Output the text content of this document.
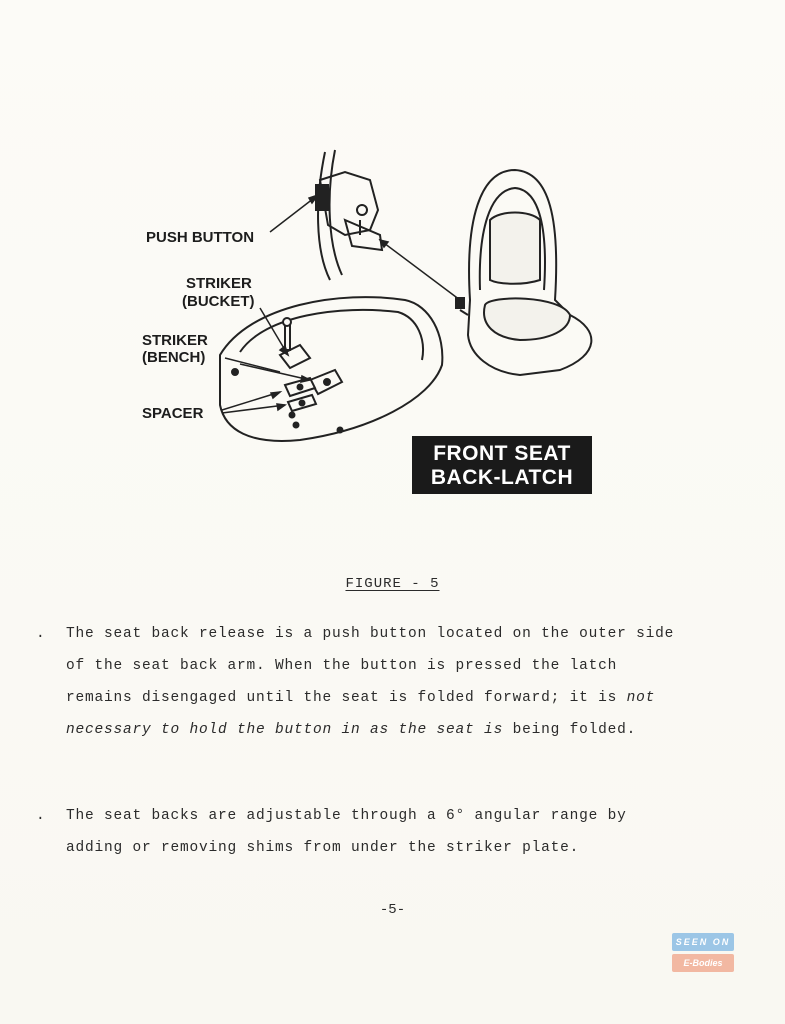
PUSH BUTTON
STRIKER
(BUCKET)
STRIKER
(BENCH)
SPACER
FRONT SEAT
BACK-LATCH
FIGURE - 5
.	The seat back release is a push button located on the outer side of the seat back arm. When the button is pressed the latch remains disengaged until the seat is folded forward; it is not necessary to hold the button in as the seat is being folded.
.	The seat backs are adjustable through a 6° angular range by adding or removing shims from under the striker plate.
-5-
SEEN ON
E-Bodies
